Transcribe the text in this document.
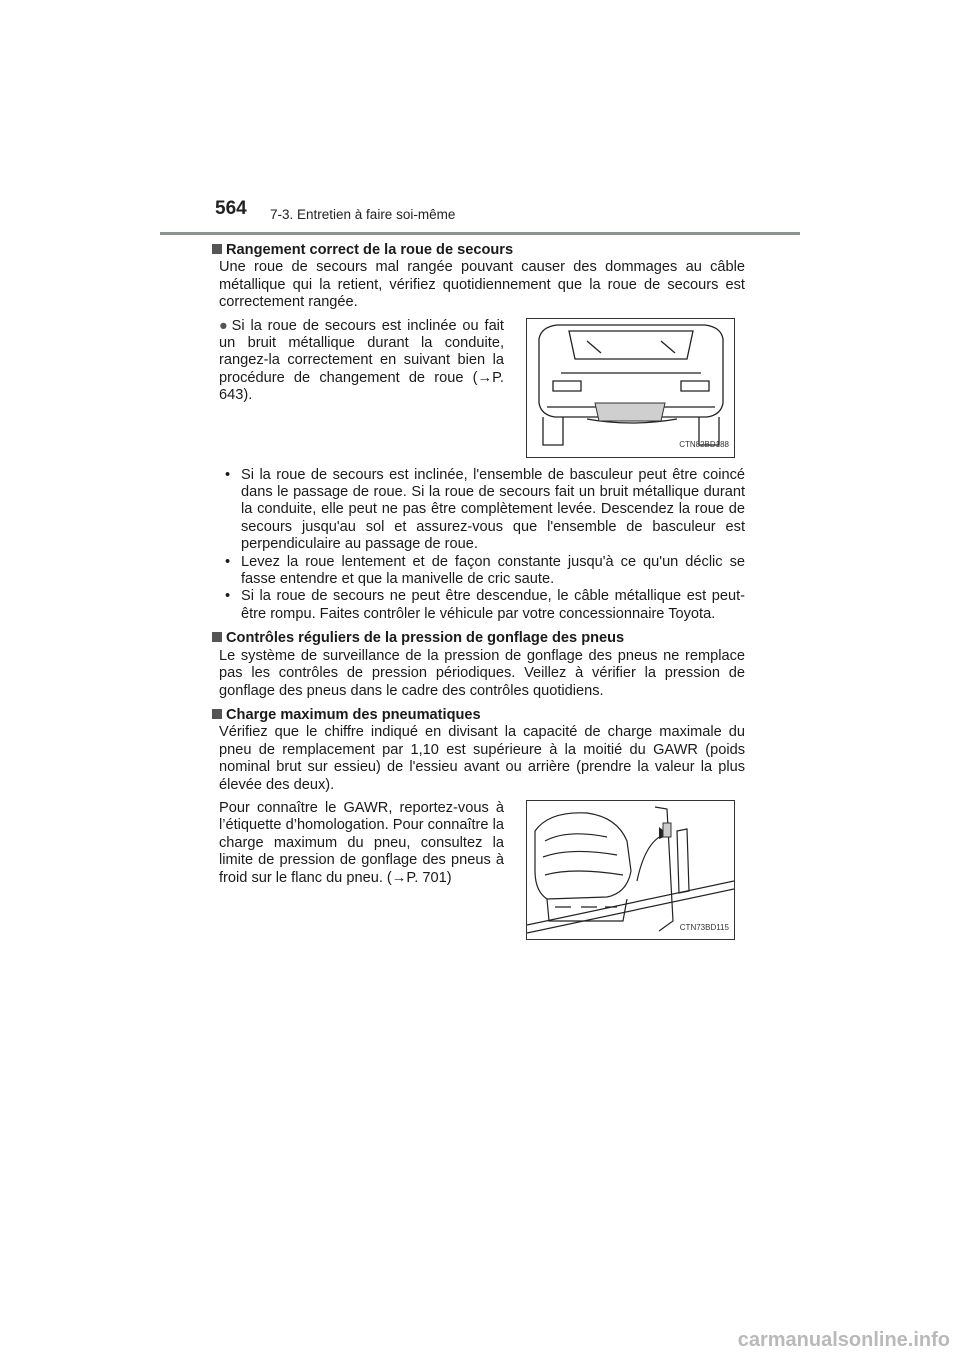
564 7-3. Entretien à faire soi-même
Rangement correct de la roue de secours
Une roue de secours mal rangée pouvant causer des dommages au câble métallique qui la retient, vérifiez quotidiennement que la roue de secours est correctement rangée.
● Si la roue de secours est inclinée ou fait un bruit métallique durant la conduite, rangez-la correctement en suivant bien la procédure de changement de roue (→P. 643).
CTN82BD188
• Si la roue de secours est inclinée, l'ensemble de basculeur peut être coincé dans le passage de roue. Si la roue de secours fait un bruit métallique durant la conduite, elle peut ne pas être complètement levée. Descendez la roue de secours jusqu'au sol et assurez-vous que l'ensemble de basculeur est perpendiculaire au passage de roue.
• Levez la roue lentement et de façon constante jusqu'à ce qu'un déclic se fasse entendre et que la manivelle de cric saute.
• Si la roue de secours ne peut être descendue, le câble métallique est peut-être rompu. Faites contrôler le véhicule par votre concessionnaire Toyota.
Contrôles réguliers de la pression de gonflage des pneus
Le système de surveillance de la pression de gonflage des pneus ne remplace pas les contrôles de pression périodiques. Veillez à vérifier la pression de gonflage des pneus dans le cadre des contrôles quotidiens.
Charge maximum des pneumatiques
Vérifiez que le chiffre indiqué en divisant la capacité de charge maximale du pneu de remplacement par 1,10 est supérieure à la moitié du GAWR (poids nominal brut sur essieu) de l'essieu avant ou arrière (prendre la valeur la plus élevée des deux).
Pour connaître le GAWR, reportez-vous à l’étiquette d’homologation. Pour connaître la charge maximum du pneu, consultez la limite de pression de gonflage des pneus à froid sur le flanc du pneu. (→P. 701)
CTN73BD115
carmanualsonline.info
